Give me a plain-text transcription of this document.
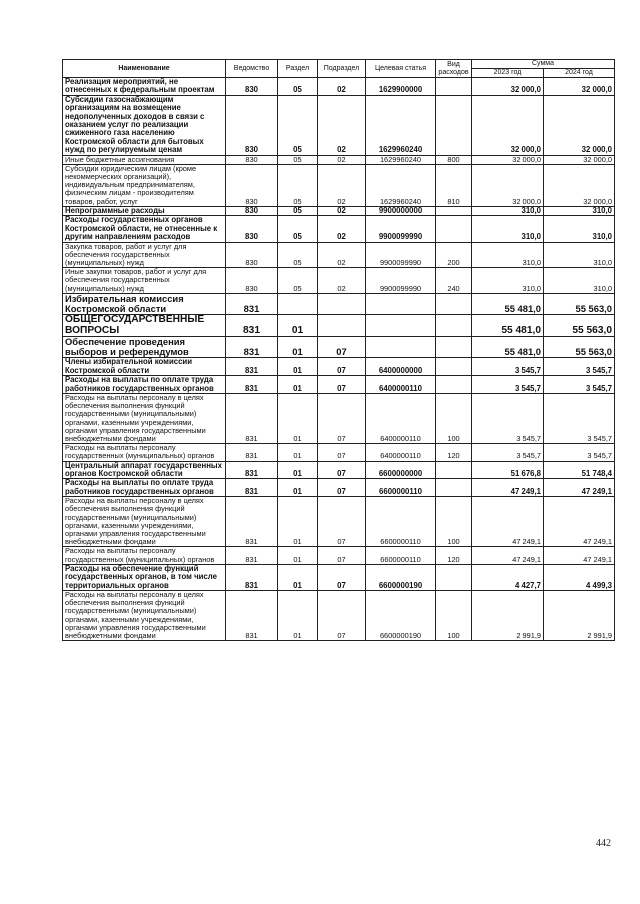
Наименование	Ведомство	Раздел	Подраздел	Целевая статья	Вид расходов	Сумма	
						2023 год	2024 год
Реализация мероприятий, не отнесенных к федеральным проектам	830	05	02	1629900000		32 000,0	32 000,0
Субсидии газоснабжающим организациям на возмещение недополученных доходов в связи с оказанием услуг по реализации сжиженного газа населению Костромской области для бытовых нужд по регулируемым ценам	830	05	02	1629960240		32 000,0	32 000,0
Иные бюджетные ассигнования	830	05	02	1629960240	800	32 000,0	32 000,0
Субсидии юридическим лицам (кроме некоммерческих организаций), индивидуальным предпринимателям, физическим лицам - производителям товаров, работ, услуг	830	05	02	1629960240	810	32 000,0	32 000,0
Непрограммные расходы	830	05	02	9900000000		310,0	310,0
Расходы государственных органов Костромской области, не отнесенные к другим направлениям расходов	830	05	02	9900099990		310,0	310,0
Закупка товаров, работ и услуг для обеспечения государственных (муниципальных) нужд	830	05	02	9900099990	200	310,0	310,0
Иные закупки товаров, работ и услуг для обеспечения государственных (муниципальных) нужд	830	05	02	9900099990	240	310,0	310,0
Избирательная комиссия Костромской области	831					55 481,0	55 563,0
ОБЩЕГОСУДАРСТВЕННЫЕ ВОПРОСЫ	831	01				55 481,0	55 563,0
Обеспечение проведения выборов и референдумов	831	01	07			55 481,0	55 563,0
Члены избирательной комиссии Костромской области	831	01	07	6400000000		3 545,7	3 545,7
Расходы на выплаты по оплате труда работников государственных органов	831	01	07	6400000110		3 545,7	3 545,7
Расходы на выплаты персоналу в целях обеспечения выполнения функций государственными (муниципальными) органами, казенными учреждениями, органами управления государственными внебюджетными фондами	831	01	07	6400000110	100	3 545,7	3 545,7
Расходы на выплаты персоналу государственных (муниципальных) органов	831	01	07	6400000110	120	3 545,7	3 545,7
Центральный аппарат государственных органов Костромской области	831	01	07	6600000000		51 676,8	51 748,4
Расходы на выплаты по оплате труда работников государственных органов	831	01	07	6600000110		47 249,1	47 249,1
Расходы на выплаты персоналу в целях обеспечения выполнения функций государственными (муниципальными) органами, казенными учреждениями, органами управления государственными внебюджетными фондами	831	01	07	6600000110	100	47 249,1	47 249,1
Расходы на выплаты персоналу государственных (муниципальных) органов	831	01	07	6600000110	120	47 249,1	47 249,1
Расходы на обеспечение функций государственных органов, в том числе территориальных органов	831	01	07	6600000190		4 427,7	4 499,3
Расходы на выплаты персоналу в целях обеспечения выполнения функций государственными (муниципальными) органами, казенными учреждениями, органами управления государственными внебюджетными фондами	831	01	07	6600000190	100	2 991,9	2 991,9
442
